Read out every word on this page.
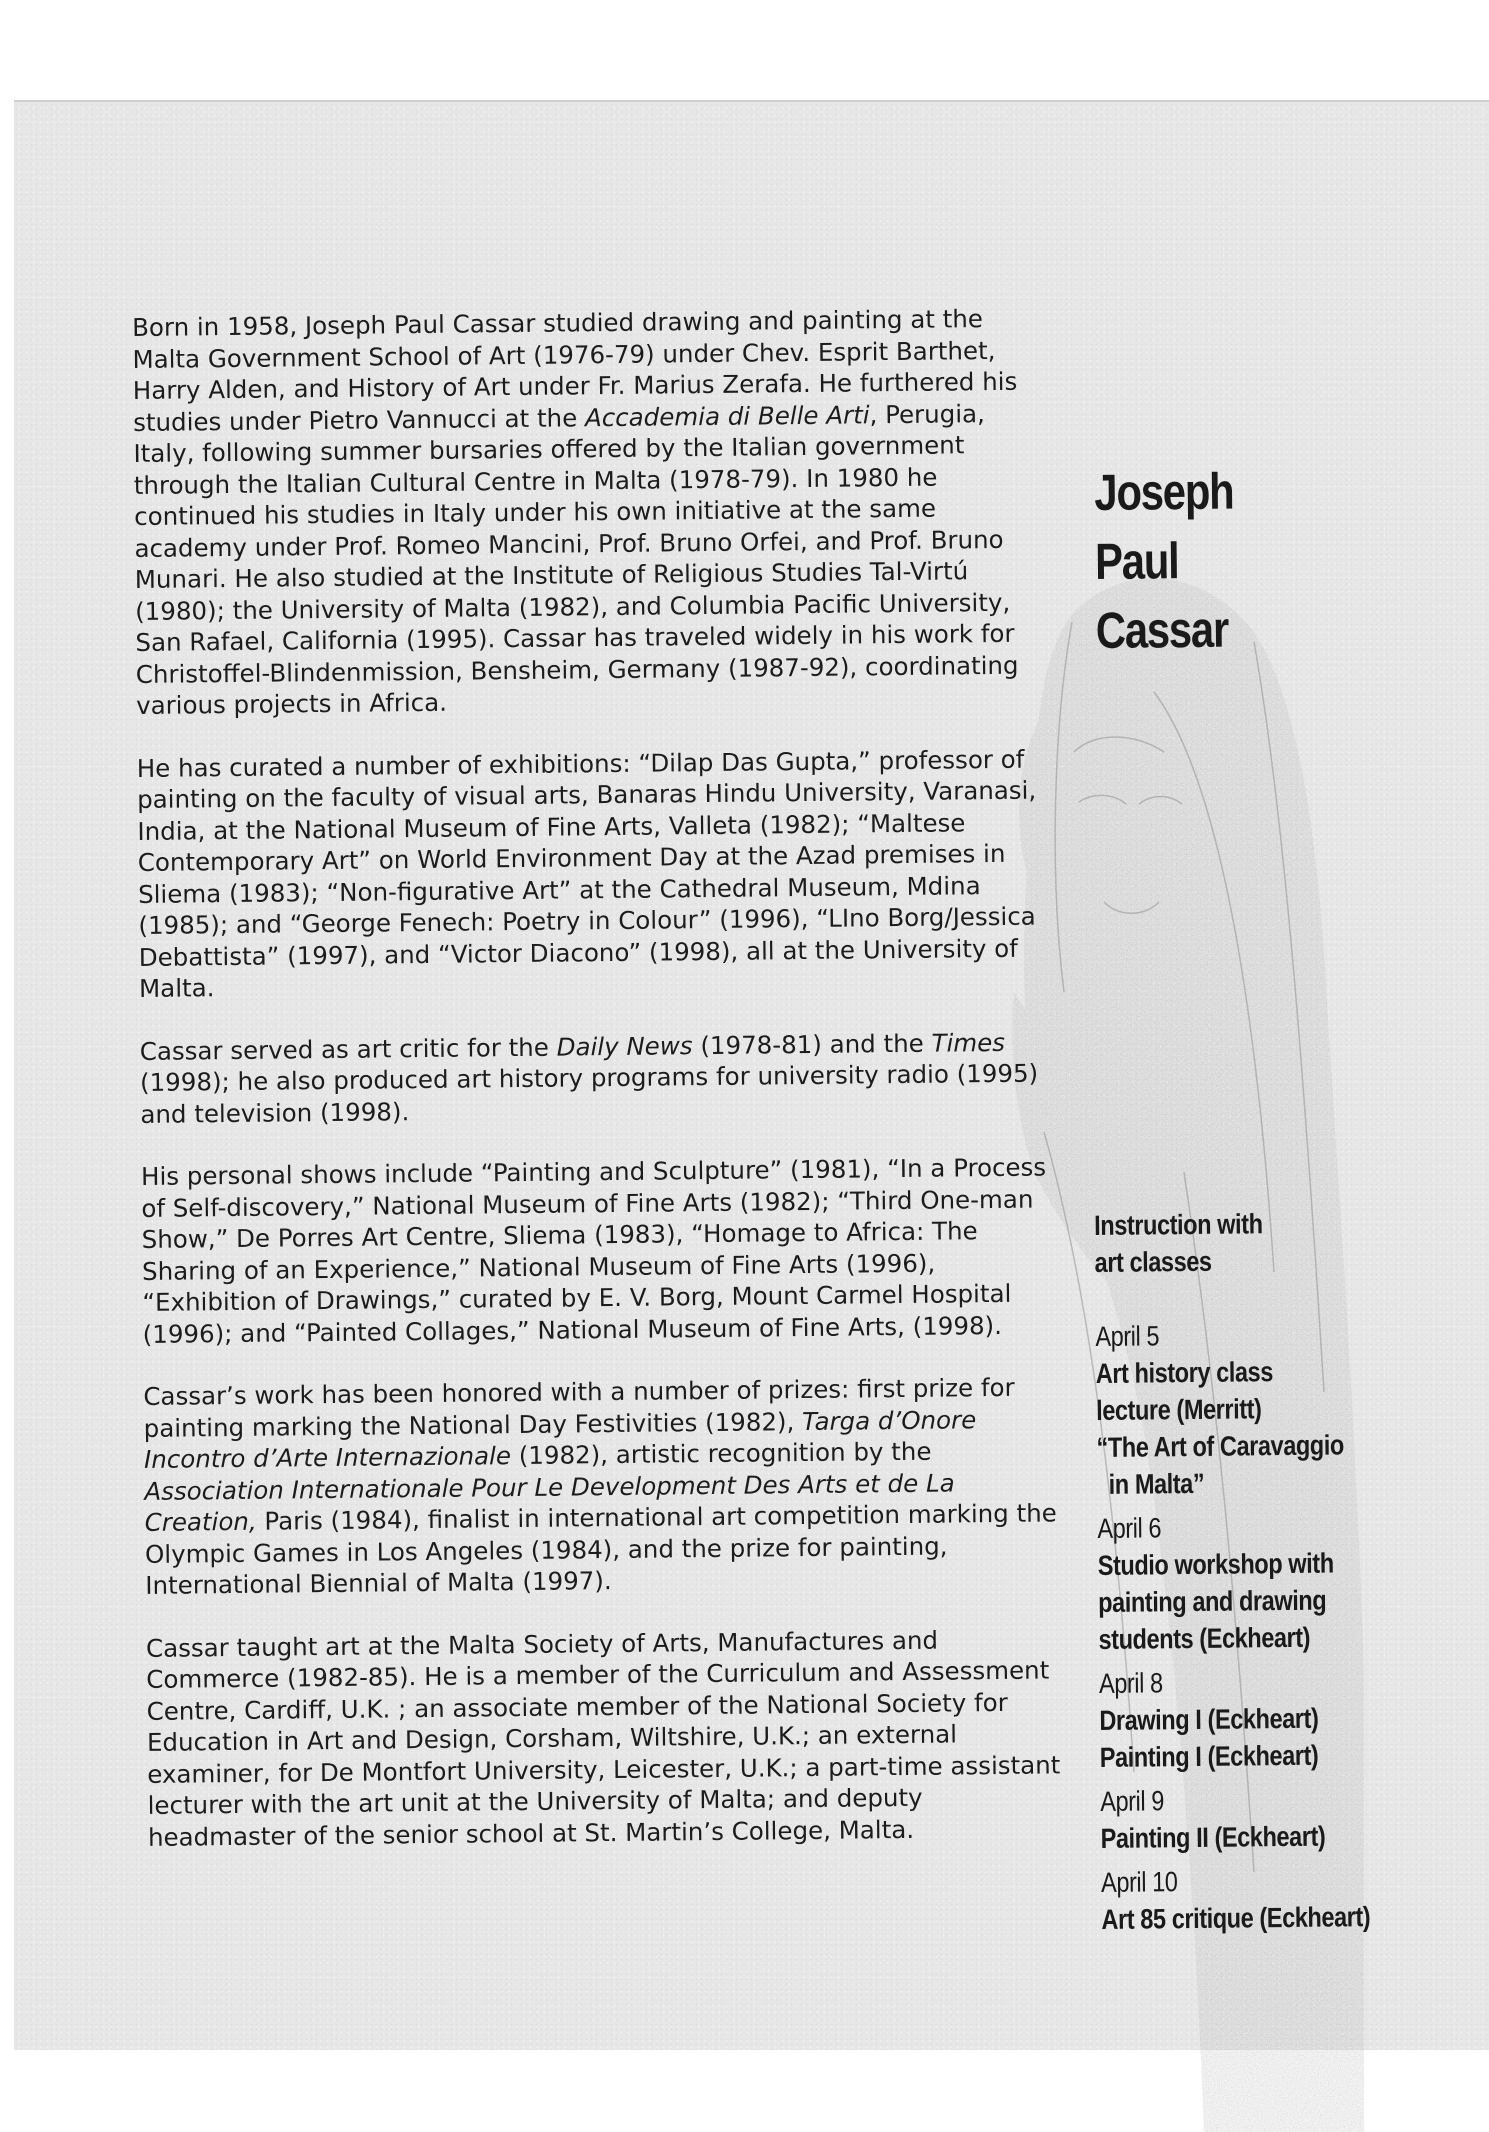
Born in 1958, Joseph Paul Cassar studied drawing and painting at the Malta Government School of Art (1976-79) under Chev. Esprit Barthet, Harry Alden, and History of Art under Fr. Marius Zerafa. He furthered his studies under Pietro Vannucci at the Accademia di Belle Arti, Perugia, Italy, following summer bursaries offered by the Italian government through the Italian Cultural Centre in Malta (1978-79). In 1980 he continued his studies in Italy under his own initiative at the same academy under Prof. Romeo Mancini, Prof. Bruno Orfei, and Prof. Bruno Munari. He also studied at the Institute of Religious Studies Tal-Virtú (1980); the University of Malta (1982), and Columbia Pacific University, San Rafael, California (1995). Cassar has traveled widely in his work for Christoffel-Blindenmission, Bensheim, Germany (1987-92), coordinating various projects in Africa.

He has curated a number of exhibitions: “Dilap Das Gupta,” professor of painting on the faculty of visual arts, Banaras Hindu University, Varanasi, India, at the National Museum of Fine Arts, Valleta (1982); “Maltese Contemporary Art” on World Environment Day at the Azad premises in Sliema (1983); “Non-figurative Art” at the Cathedral Museum, Mdina (1985); and “George Fenech: Poetry in Colour” (1996), “LIno Borg/Jessica Debattista” (1997), and “Victor Diacono” (1998), all at the University of Malta.

Cassar served as art critic for the Daily News (1978-81) and the Times (1998); he also produced art history programs for university radio (1995) and television (1998).

His personal shows include “Painting and Sculpture” (1981), “In a Process of Self-discovery,” National Museum of Fine Arts (1982); “Third One-man Show,” De Porres Art Centre, Sliema (1983), “Homage to Africa: The Sharing of an Experience,” National Museum of Fine Arts (1996), “Exhibition of Drawings,” curated by E. V. Borg, Mount Carmel Hospital (1996); and “Painted Collages,” National Museum of Fine Arts, (1998).

Cassar’s work has been honored with a number of prizes: first prize for painting marking the National Day Festivities (1982), Targa d’Onore Incontro d’Arte Internazionale (1982), artistic recognition by the Association Internationale Pour Le Development Des Arts et de La Creation, Paris (1984), finalist in international art competition marking the Olympic Games in Los Angeles (1984), and the prize for painting, International Biennial of Malta (1997).

Cassar taught art at the Malta Society of Arts, Manufactures and Commerce (1982-85). He is a member of the Curriculum and Assessment Centre, Cardiff, U.K. ; an associate member of the National Society for Education in Art and Design, Corsham, Wiltshire, U.K.; an external examiner, for De Montfort University, Leicester, U.K.; a part-time assistant lecturer with the art unit at the University of Malta; and deputy headmaster of the senior school at St. Martin’s College, Malta.

Joseph
Paul
Cassar
Instruction with
art classes
April 5
Art history class
lecture (Merritt)
“The Art of Caravaggio
in Malta”
April 6
Studio workshop with
painting and drawing
students (Eckheart)
April 8
Drawing I (Eckheart)
Painting I (Eckheart)
April 9
Painting II (Eckheart)
April 10
Art 85 critique (Eckheart)
